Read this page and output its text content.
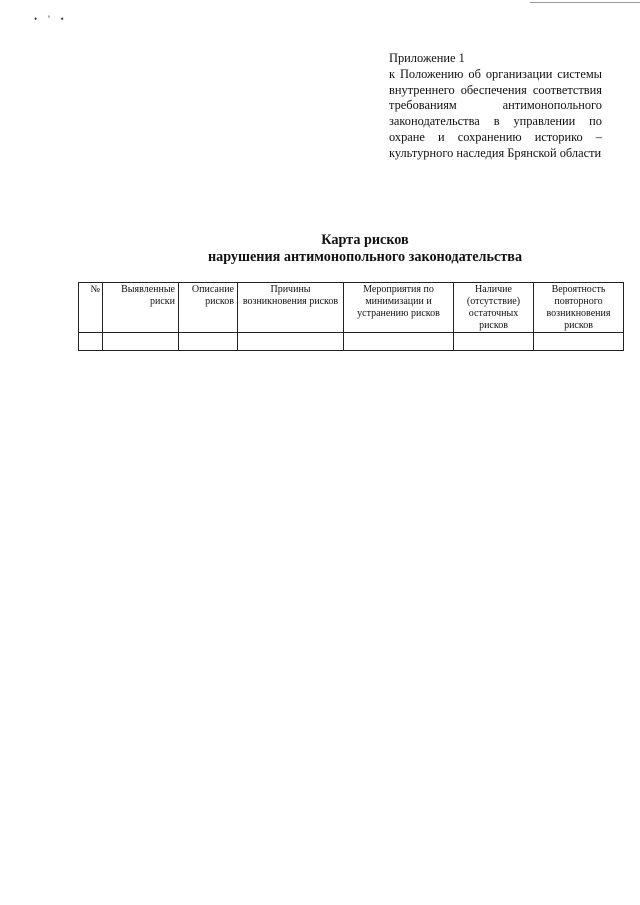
• ʼ •
Приложение 1
к Положению об организации системы внутреннего обеспечения соответствия требованиям антимонопольного законодательства в управлении по охране и сохранению историко – культурного наследия Брянской области
Карта рисков
нарушения антимонопольного законодательства
№	Выявленные риски	Описание рисков	Причины возникновения рисков	Мероприятия по минимизации и устранению рисков	Наличие (отсутствие) остаточных рисков	Вероятность повторного возникновения рисков
